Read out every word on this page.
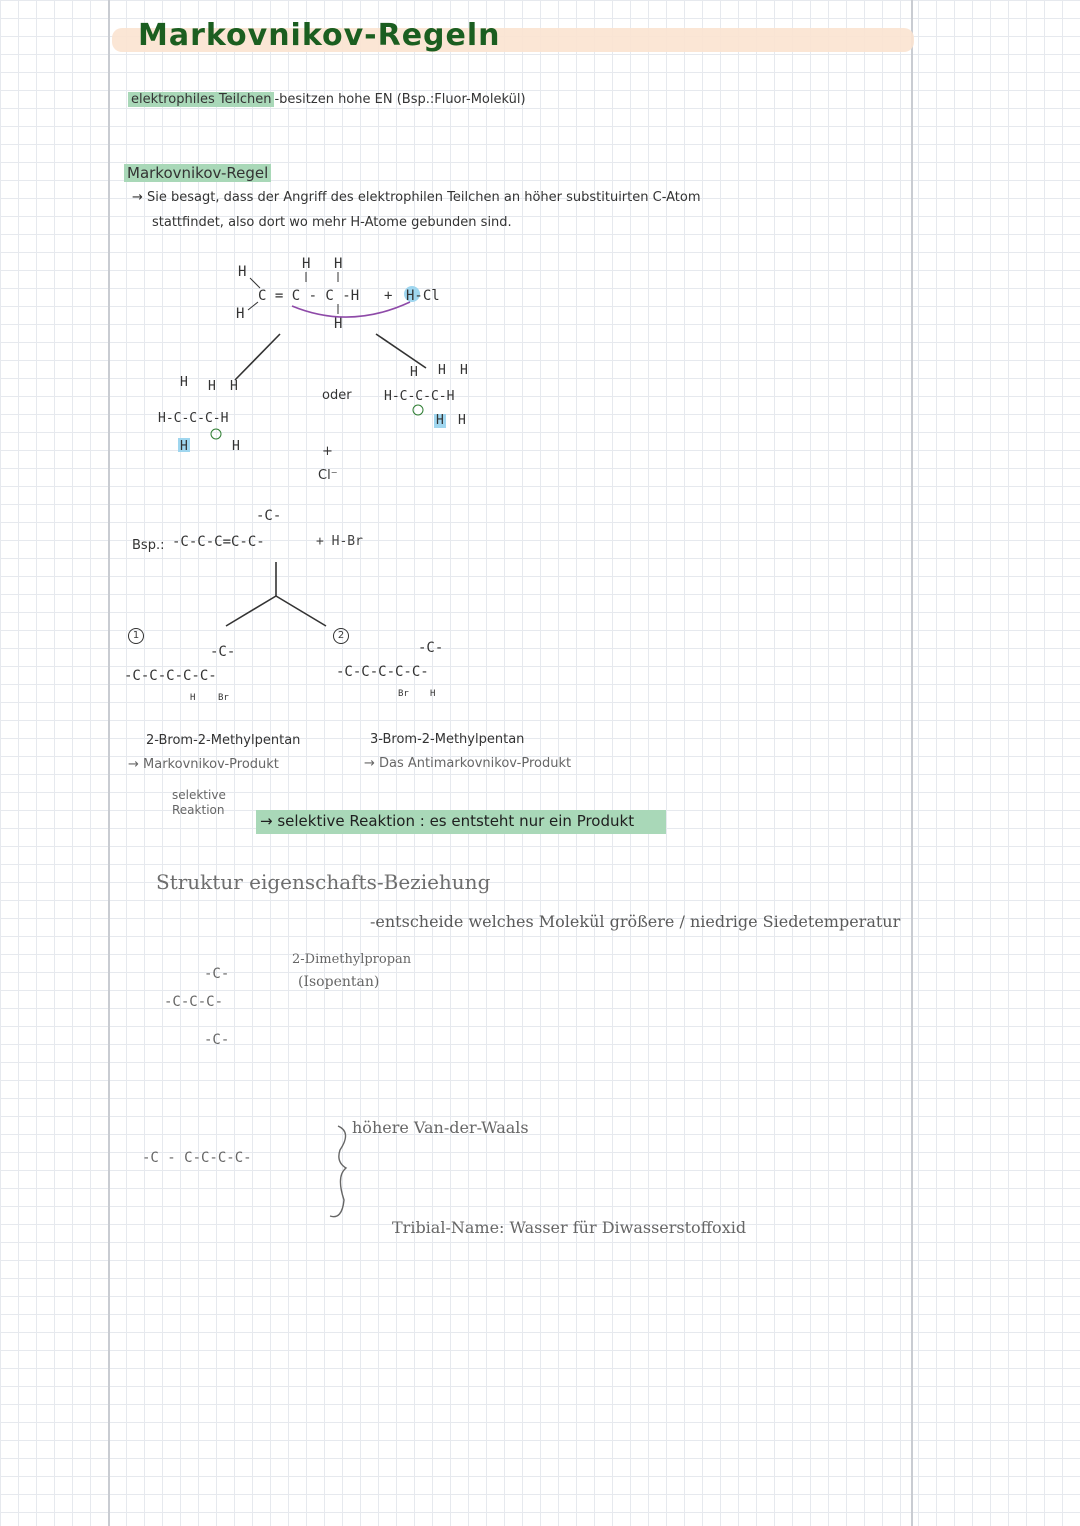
Markovnikov-Regeln
elektrophiles Teilchen -besitzen hohe EN (Bsp.:Fluor-Molekül)
Markovnikov-Regel
→ Sie besagt, dass der Angriff des elektrophilen Teilchen an höher substituirten C-Atom
stattfindet, also dort wo mehr H-Atome gebunden sind.
H
C = C - C -H
H H
H
H
+ H-Cl
H H H
H-C-C-C-H
H	H
H H H
H-C-C-C-H
H H
oder
+
Cl⁻
Bsp.:
-C-
-C-C-C=C-C-
-C-
-C-C-C-C-C-
H	Br
-C-
-C-C-C-C-C-
Br H
+ H-Br
1	2
2-Brom-2-Methylpentan
→ Markovnikov-Produkt
3-Brom-2-Methylpentan
→ Das Antimarkovnikov-Produkt
selektive Reaktion
→ selektive Reaktion : es entsteht nur ein Produkt
Struktur eigenschafts-Beziehung
-entscheide welches Molekül größere / niedrige Siedetemperatur
-C-
-C-C-C-
-C-
2-Dimethylpropan
(Isopentan)
-C - C-C-C-C-
höhere Van-der-Waals
Tribial-Name: Wasser für Diwasserstoffoxid
